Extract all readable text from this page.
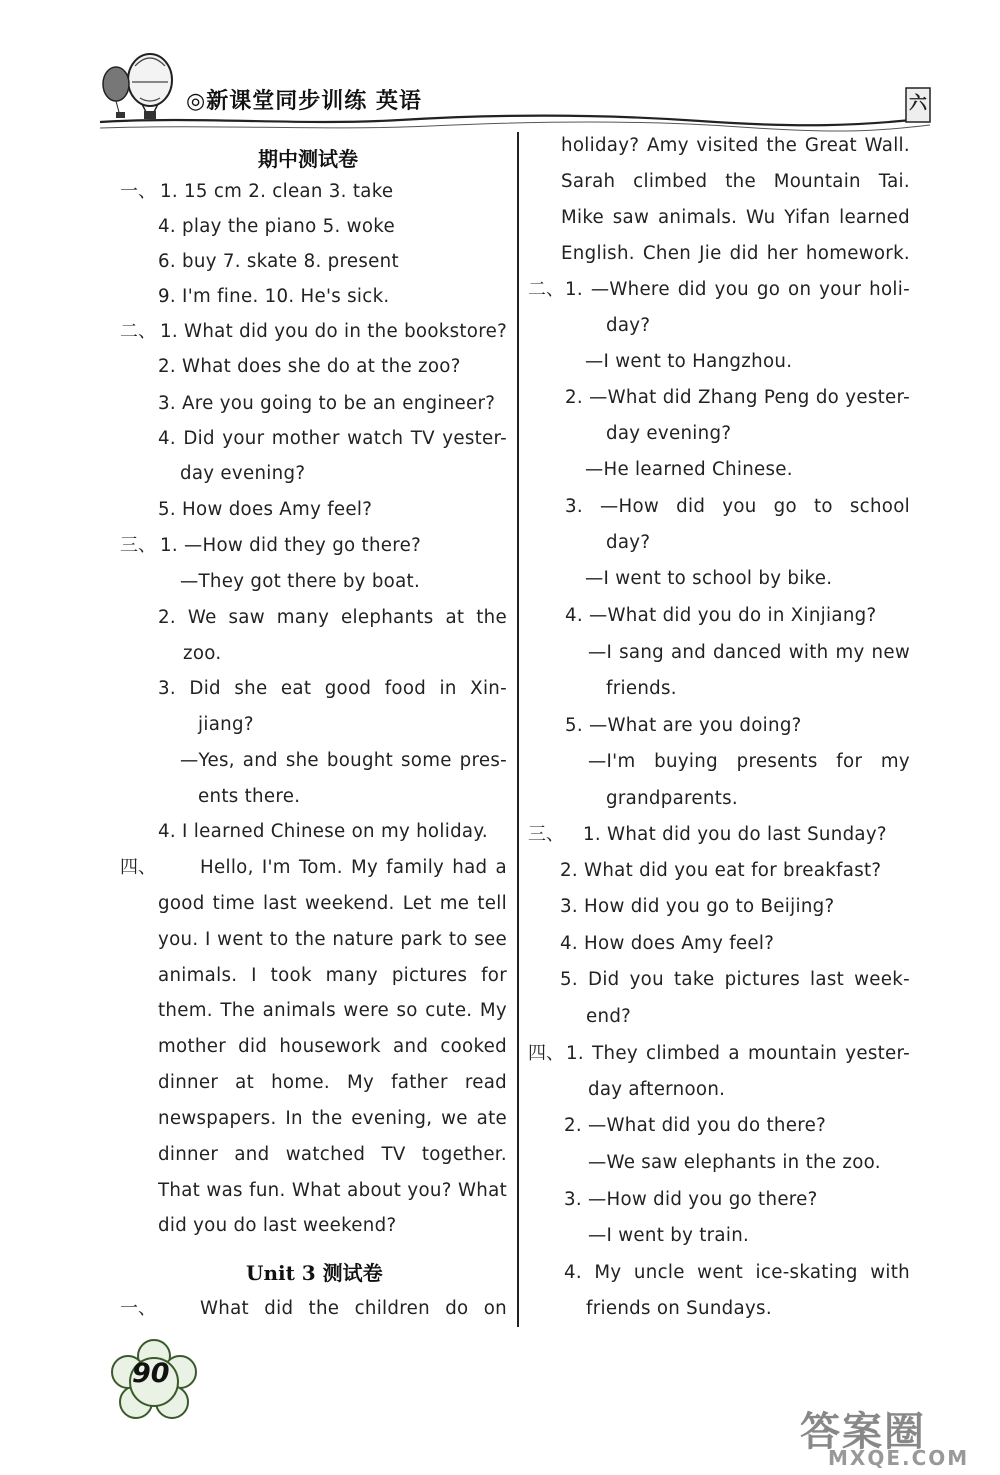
◎新课堂同步训练 英语	六
期中测试卷
Unit 3 测试卷
一、 1. 15 cm 2. clean 3. take
4. play the piano 5. woke
6. buy 7. skate 8. present
9. I'm fine. 10. He's sick.
二、 1. What did you do in the bookstore?
2. What does she do at the zoo?
3. Are you going to be an engineer?
4. Did your mother watch TV yester-
day evening?
5. How does Amy feel?
三、 1. —How did they go there?
—They got there by boat.
2. We saw many elephants at the
zoo.
3. Did she eat good food in Xin-
jiang?
—Yes, and she bought some pres-
ents there.
4. I learned Chinese on my holiday.
四、 Hello, I'm Tom. My family had a
good time last weekend. Let me tell
you. I went to the nature park to see
animals. I took many pictures for
them. The animals were so cute. My
mother did housework and cooked
dinner at home. My father read
newspapers. In the evening, we ate
dinner and watched TV together.
That was fun. What about you? What
did you do last weekend?
一、 What did the children do on
holiday? Amy visited the Great Wall.
Sarah climbed the Mountain Tai.
Mike saw animals. Wu Yifan learned
English. Chen Jie did her homework.
二、 1. —Where did you go on your holi-
day?
—I went to Hangzhou.
2. —What did Zhang Peng do yester-
day evening?
—He learned Chinese.
3. —How did you go to school
day?
—I went to school by bike.
4. —What did you do in Xinjiang?
—I sang and danced with my new
friends.
5. —What are you doing?
—I'm buying presents for my
grandparents.
三、 1. What did you do last Sunday?
2. What did you eat for breakfast?
3. How did you go to Beijing?
4. How does Amy feel?
5. Did you take pictures last week-
end?
四、 1. They climbed a mountain yester-
day afternoon.
2. —What did you do there?
—We saw elephants in the zoo.
3. —How did you go there?
—I went by train.
4. My uncle went ice-skating with
friends on Sundays.
90
答案圈
MXQE.COM
